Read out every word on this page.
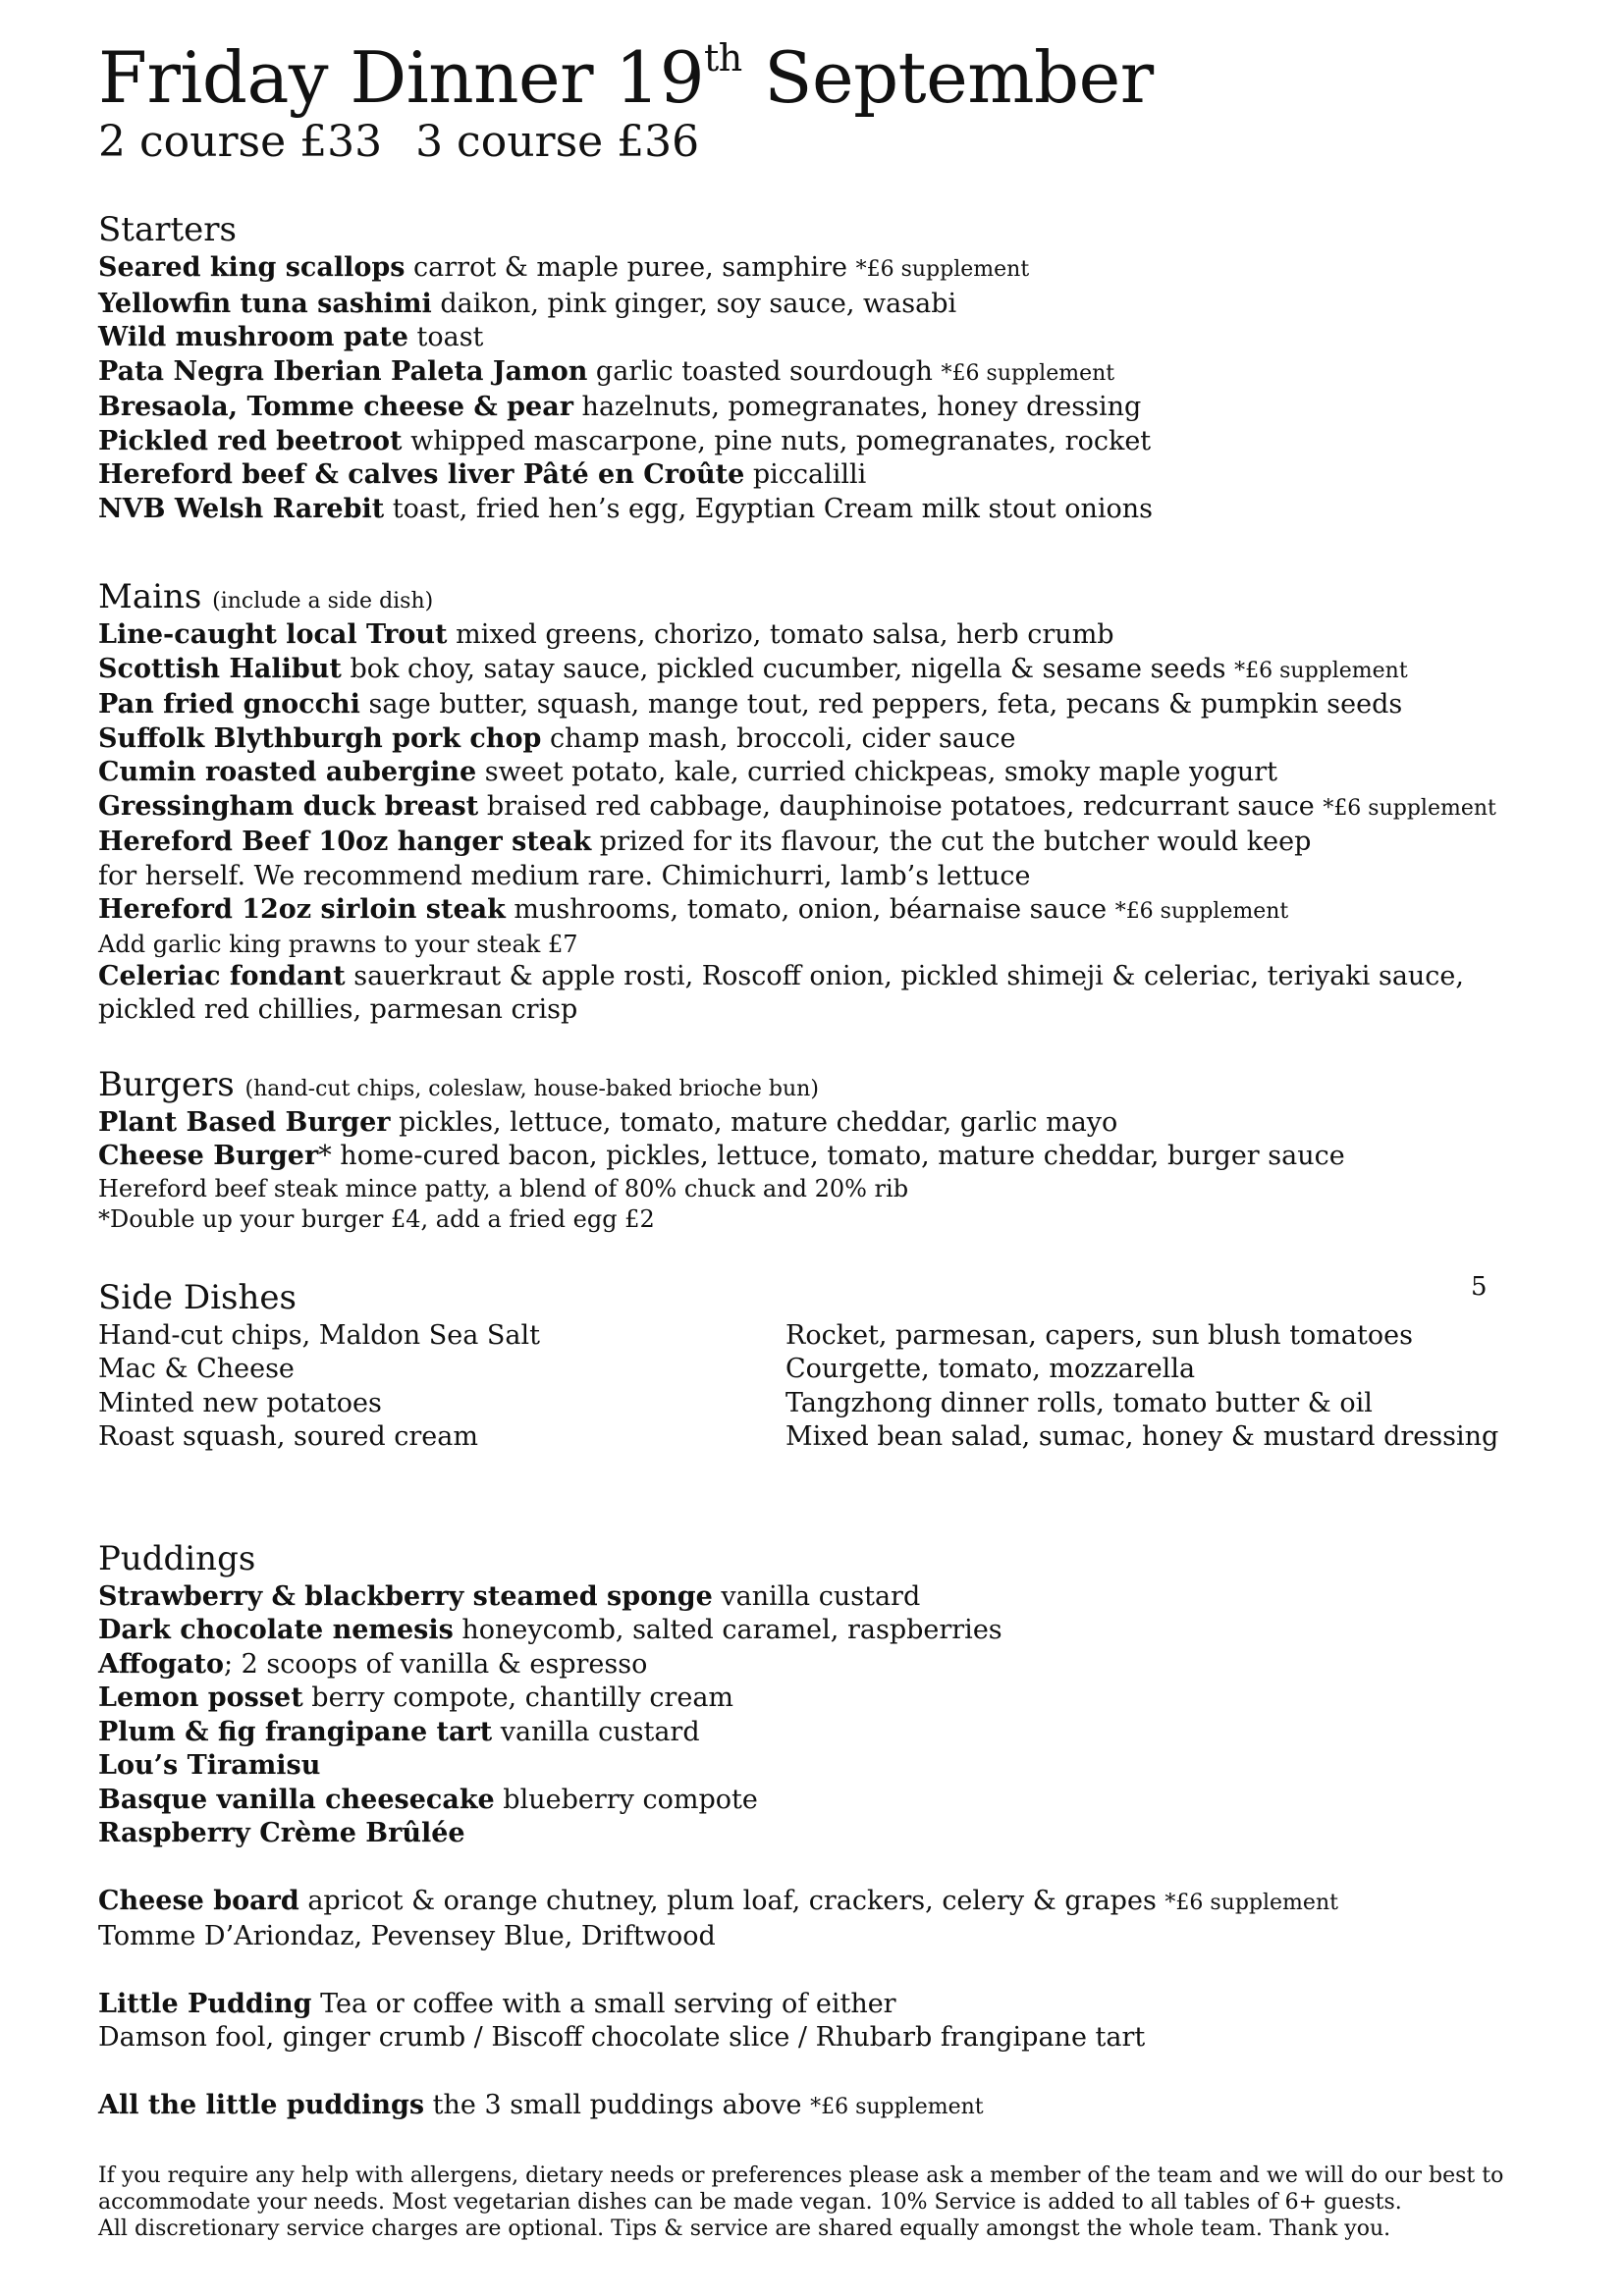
Friday Dinner 19th September
2 course £33 3 course £36
Starters
Seared king scallops carrot & maple puree, samphire *£6 supplement
Yellowfin tuna sashimi daikon, pink ginger, soy sauce, wasabi
Wild mushroom pate toast
Pata Negra Iberian Paleta Jamon garlic toasted sourdough *£6 supplement
Bresaola, Tomme cheese & pear hazelnuts, pomegranates, honey dressing
Pickled red beetroot whipped mascarpone, pine nuts, pomegranates, rocket
Hereford beef & calves liver Pâté en Croûte piccalilli
NVB Welsh Rarebit toast, fried hen’s egg, Egyptian Cream milk stout onions
Mains (include a side dish)
Line-caught local Trout mixed greens, chorizo, tomato salsa, herb crumb
Scottish Halibut bok choy, satay sauce, pickled cucumber, nigella & sesame seeds *£6 supplement
Pan fried gnocchi sage butter, squash, mange tout, red peppers, feta, pecans & pumpkin seeds
Suffolk Blythburgh pork chop champ mash, broccoli, cider sauce
Cumin roasted aubergine sweet potato, kale, curried chickpeas, smoky maple yogurt
Gressingham duck breast braised red cabbage, dauphinoise potatoes, redcurrant sauce *£6 supplement
Hereford Beef 10oz hanger steak prized for its flavour, the cut the butcher would keep
for herself. We recommend medium rare. Chimichurri, lamb’s lettuce
Hereford 12oz sirloin steak mushrooms, tomato, onion, béarnaise sauce *£6 supplement
Add garlic king prawns to your steak £7
Celeriac fondant sauerkraut & apple rosti, Roscoff onion, pickled shimeji & celeriac, teriyaki sauce,
pickled red chillies, parmesan crisp
Burgers (hand-cut chips, coleslaw, house-baked brioche bun)
Plant Based Burger pickles, lettuce, tomato, mature cheddar, garlic mayo
Cheese Burger* home-cured bacon, pickles, lettuce, tomato, mature cheddar, burger sauce
Hereford beef steak mince patty, a blend of 80% chuck and 20% rib
*Double up your burger £4, add a fried egg £2
Side Dishes
Hand-cut chips, Maldon Sea Salt
Mac & Cheese
Minted new potatoes
Roast squash, soured cream
Rocket, parmesan, capers, sun blush tomatoes
Courgette, tomato, mozzarella
Tangzhong dinner rolls, tomato butter & oil
Mixed bean salad, sumac, honey & mustard dressing
Puddings
Strawberry & blackberry steamed sponge vanilla custard
Dark chocolate nemesis honeycomb, salted caramel, raspberries
Affogato; 2 scoops of vanilla & espresso
Lemon posset berry compote, chantilly cream
Plum & fig frangipane tart vanilla custard
Lou’s Tiramisu
Basque vanilla cheesecake blueberry compote
Raspberry Crème Brûlée
Cheese board apricot & orange chutney, plum loaf, crackers, celery & grapes *£6 supplement
Tomme D’Ariondaz, Pevensey Blue, Driftwood
Little Pudding Tea or coffee with a small serving of either
Damson fool, ginger crumb / Biscoff chocolate slice / Rhubarb frangipane tart
All the little puddings the 3 small puddings above *£6 supplement
5
If you require any help with allergens, dietary needs or preferences please ask a member of the team and we will do our best to
accommodate your needs. Most vegetarian dishes can be made vegan. 10% Service is added to all tables of 6+ guests.
All discretionary service charges are optional. Tips & service are shared equally amongst the whole team. Thank you.
